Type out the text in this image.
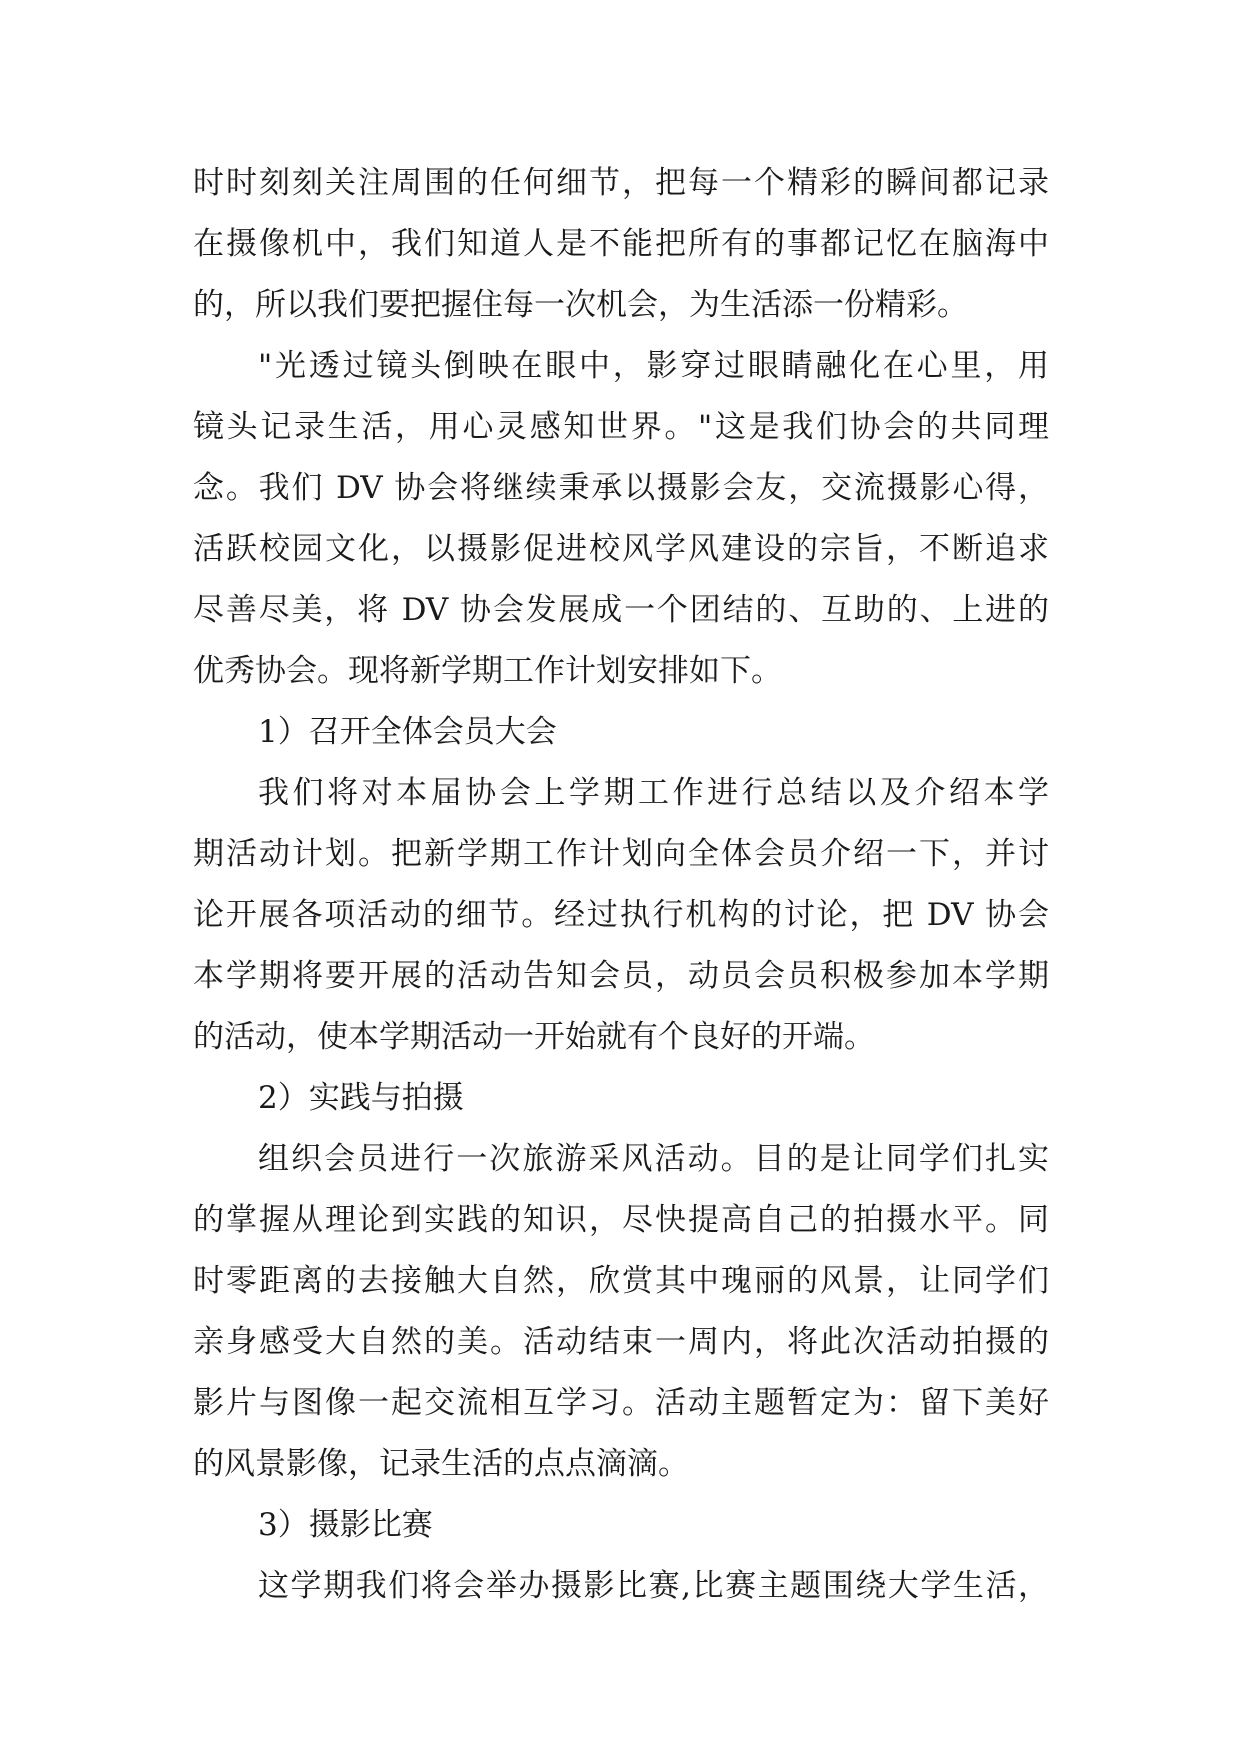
时时刻刻关注周围的任何细节，把每一个精彩的瞬间都记录

在摄像机中，我们知道人是不能把所有的事都记忆在脑海中

的，所以我们要把握住每一次机会，为生活添一份精彩。

"光透过镜头倒映在眼中，影穿过眼睛融化在心里，用

镜头记录生活，用心灵感知世界。"这是我们协会的共同理

念。我们 DV 协会将继续秉承以摄影会友，交流摄影心得，

活跃校园文化，以摄影促进校风学风建设的宗旨，不断追求

尽善尽美，将 DV 协会发展成一个团结的、互助的、上进的

优秀协会。现将新学期工作计划安排如下。

1）召开全体会员大会

我们将对本届协会上学期工作进行总结以及介绍本学

期活动计划。把新学期工作计划向全体会员介绍一下，并讨

论开展各项活动的细节。经过执行机构的讨论，把 DV 协会

本学期将要开展的活动告知会员，动员会员积极参加本学期

的活动，使本学期活动一开始就有个良好的开端。

2）实践与拍摄

组织会员进行一次旅游采风活动。目的是让同学们扎实

的掌握从理论到实践的知识，尽快提高自己的拍摄水平。同

时零距离的去接触大自然，欣赏其中瑰丽的风景，让同学们

亲身感受大自然的美。活动结束一周内，将此次活动拍摄的

影片与图像一起交流相互学习。活动主题暂定为：留下美好

的风景影像，记录生活的点点滴滴。

3）摄影比赛

这学期我们将会举办摄影比赛,比赛主题围绕大学生活，
